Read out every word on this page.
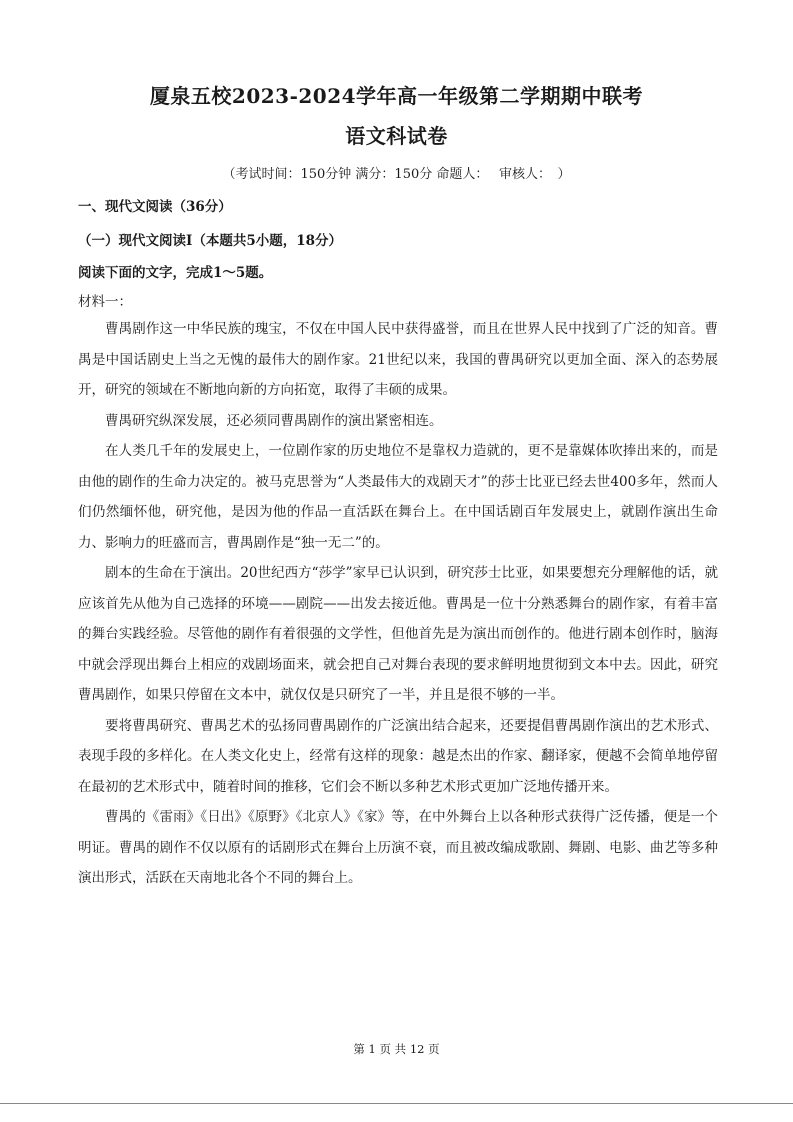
厦泉五校2023-2024学年高一年级第二学期期中联考
语文科试卷
（考试时间：150分钟 满分：150分 命题人：　 审核人：　）
一、现代文阅读（36分）
（一）现代文阅读Ⅰ（本题共5小题，18分）
阅读下面的文字，完成1～5题。
材料一：

曹禺剧作这一中华民族的瑰宝，不仅在中国人民中获得盛誉，而且在世界人民中找到了广泛的知音。曹禺是中国话剧史上当之无愧的最伟大的剧作家。21世纪以来，我国的曹禺研究以更加全面、深入的态势展开，研究的领域在不断地向新的方向拓宽，取得了丰硕的成果。

曹禺研究纵深发展，还必须同曹禺剧作的演出紧密相连。

在人类几千年的发展史上，一位剧作家的历史地位不是靠权力造就的，更不是靠媒体吹捧出来的，而是由他的剧作的生命力决定的。被马克思誉为“人类最伟大的戏剧天才”的莎士比亚已经去世400多年，然而人们仍然缅怀他，研究他，是因为他的作品一直活跃在舞台上。在中国话剧百年发展史上，就剧作演出生命力、影响力的旺盛而言，曹禺剧作是“独一无二”的。

剧本的生命在于演出。20世纪西方“莎学”家早已认识到，研究莎士比亚，如果要想充分理解他的话，就应该首先从他为自己选择的环境——剧院——出发去接近他。曹禺是一位十分熟悉舞台的剧作家，有着丰富的舞台实践经验。尽管他的剧作有着很强的文学性，但他首先是为演出而创作的。他进行剧本创作时，脑海中就会浮现出舞台上相应的戏剧场面来，就会把自己对舞台表现的要求鲜明地贯彻到文本中去。因此，研究曹禺剧作，如果只停留在文本中，就仅仅是只研究了一半，并且是很不够的一半。

要将曹禺研究、曹禺艺术的弘扬同曹禺剧作的广泛演出结合起来，还要提倡曹禺剧作演出的艺术形式、表现手段的多样化。在人类文化史上，经常有这样的现象：越是杰出的作家、翻译家，便越不会简单地停留在最初的艺术形式中，随着时间的推移，它们会不断以多种艺术形式更加广泛地传播开来。

曹禺的《雷雨》《日出》《原野》《北京人》《家》等，在中外舞台上以各种形式获得广泛传播，便是一个明证。曹禺的剧作不仅以原有的话剧形式在舞台上历演不衰，而且被改编成歌剧、舞剧、电影、曲艺等多种演出形式，活跃在天南地北各个不同的舞台上。

第 1 页 共 12 页
